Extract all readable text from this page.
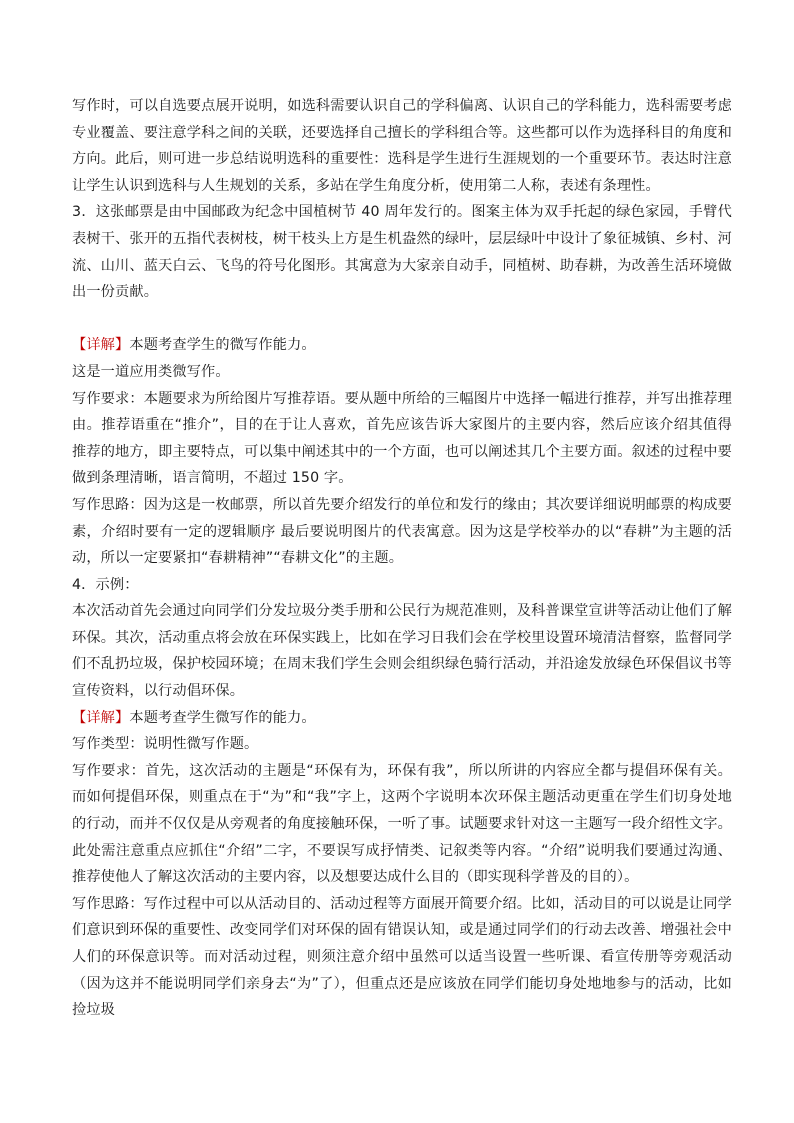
写作时，可以自选要点展开说明，如选科需要认识自己的学科偏离、认识自己的学科能力，选科需要考虑专业覆盖、要注意学科之间的关联，还要选择自己擅长的学科组合等。这些都可以作为选择科目的角度和方向。此后，则可进一步总结说明选科的重要性：选科是学生进行生涯规划的一个重要环节。表达时注意让学生认识到选科与人生规划的关系，多站在学生角度分析，使用第二人称，表述有条理性。

3．这张邮票是由中国邮政为纪念中国植树节 40 周年发行的。图案主体为双手托起的绿色家园，手臂代表树干、张开的五指代表树枝，树干枝头上方是生机盎然的绿叶，层层绿叶中设计了象征城镇、乡村、河流、山川、蓝天白云、飞鸟的符号化图形。其寓意为大家亲自动手，同植树、助春耕，为改善生活环境做出一份贡献。

【详解】本题考查学生的微写作能力。

这是一道应用类微写作。

写作要求：本题要求为所给图片写推荐语。要从题中所给的三幅图片中选择一幅进行推荐，并写出推荐理由。推荐语重在“推介”，目的在于让人喜欢，首先应该告诉大家图片的主要内容，然后应该介绍其值得推荐的地方，即主要特点，可以集中阐述其中的一个方面，也可以阐述其几个主要方面。叙述的过程中要做到条理清晰，语言简明，不超过 150 字。

写作思路：因为这是一枚邮票，所以首先要介绍发行的单位和发行的缘由；其次要详细说明邮票的构成要素，介绍时要有一定的逻辑顺序 最后要说明图片的代表寓意。因为这是学校举办的以“春耕”为主题的活动，所以一定要紧扣“春耕精神”“春耕文化”的主题。

4．示例：

本次活动首先会通过向同学们分发垃圾分类手册和公民行为规范准则，及科普课堂宣讲等活动让他们了解环保。其次，活动重点将会放在环保实践上，比如在学习日我们会在学校里设置环境清洁督察，监督同学们不乱扔垃圾，保护校园环境；在周末我们学生会则会组织绿色骑行活动，并沿途发放绿色环保倡议书等宣传资料，以行动倡环保。

【详解】本题考查学生微写作的能力。

写作类型：说明性微写作题。

写作要求：首先，这次活动的主题是“环保有为，环保有我”，所以所讲的内容应全都与提倡环保有关。而如何提倡环保，则重点在于“为”和“我”字上，这两个字说明本次环保主题活动更重在学生们切身处地的行动，而并不仅仅是从旁观者的角度接触环保，一听了事。试题要求针对这一主题写一段介绍性文字。此处需注意重点应抓住“介绍”二字，不要误写成抒情类、记叙类等内容。“介绍”说明我们要通过沟通、推荐使他人了解这次活动的主要内容，以及想要达成什么目的（即实现科学普及的目的）。

写作思路：写作过程中可以从活动目的、活动过程等方面展开简要介绍。比如，活动目的可以说是让同学们意识到环保的重要性、改变同学们对环保的固有错误认知，或是通过同学们的行动去改善、增强社会中人们的环保意识等。而对活动过程，则须注意介绍中虽然可以适当设置一些听课、看宣传册等旁观活动（因为这并不能说明同学们亲身去“为”了），但重点还是应该放在同学们能切身处地地参与的活动，比如捡垃圾
